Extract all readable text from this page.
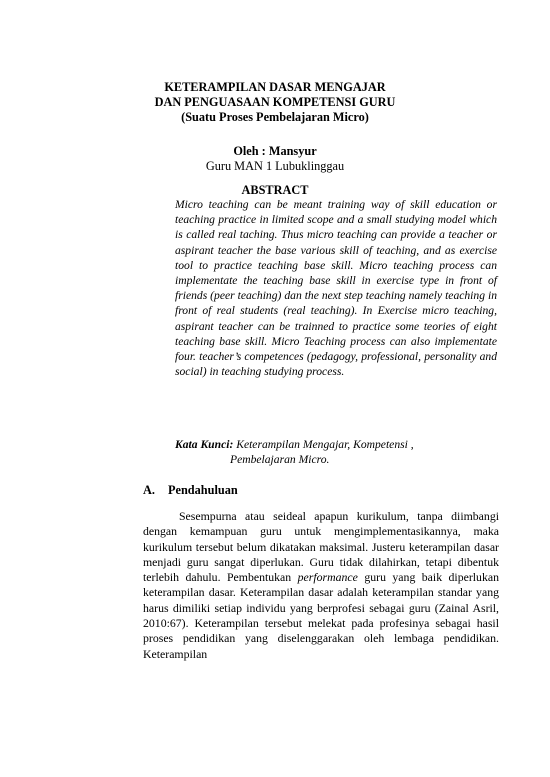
KETERAMPILAN DASAR MENGAJAR
DAN PENGUASAAN KOMPETENSI GURU
(Suatu Proses Pembelajaran Micro)
Oleh : Mansyur
Guru MAN 1 Lubuklinggau
ABSTRACT
Micro teaching can be meant training way of skill education or teaching practice in limited scope and a small studying model which is called real taching. Thus micro teaching can provide a teacher or aspirant teacher the base various skill of teaching, and as exercise tool to practice teaching base skill. Micro teaching process can implementate the teaching base skill in exercise type in front of friends (peer teaching) dan the next step teaching namely teaching in front of real students (real teaching). In Exercise micro teaching, aspirant teacher can be trainned to practice some teories of eight teaching base skill. Micro Teaching process can also implementate four. teacher’s competences (pedagogy, professional, personality and social) in teaching studying process.
Kata Kunci: Keterampilan Mengajar, Kompetensi ,
Pembelajaran Micro.
A. Pendahuluan
Sesempurna atau seideal apapun kurikulum, tanpa diimbangi dengan kemampuan guru untuk mengimplementasikannya, maka kurikulum tersebut belum dikatakan maksimal. Justeru keterampilan dasar menjadi guru sangat diperlukan. Guru tidak dilahirkan, tetapi dibentuk terlebih dahulu. Pembentukan performance guru yang baik diperlukan keterampilan dasar. Keterampilan dasar adalah keterampilan standar yang harus dimiliki setiap individu yang berprofesi sebagai guru (Zainal Asril, 2010:67). Keterampilan tersebut melekat pada profesinya sebagai hasil proses pendidikan yang diselenggarakan oleh lembaga pendidikan. Keterampilan
